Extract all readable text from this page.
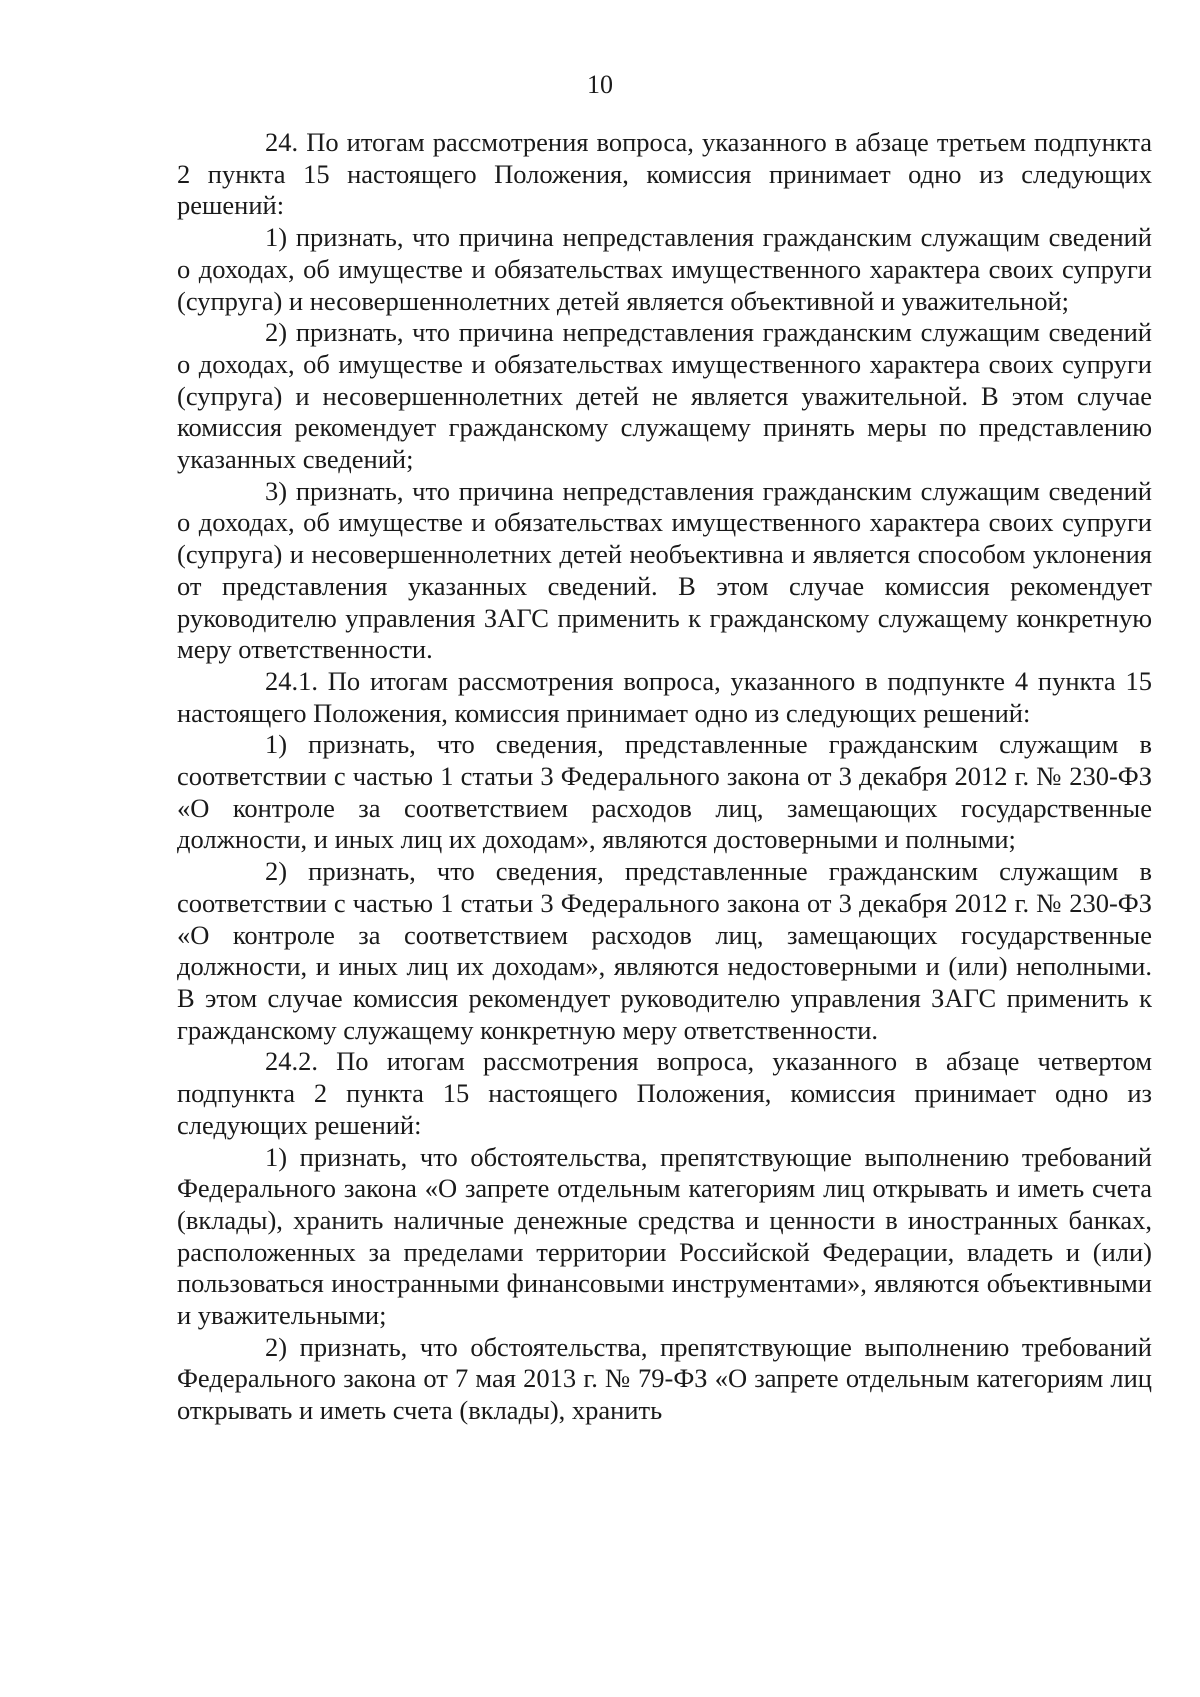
10

24. По итогам рассмотрения вопроса, указанного в абзаце третьем подпункта 2 пункта 15 настоящего Положения, комиссия принимает одно из следующих решений:

1) признать, что причина непредставления гражданским служащим сведений о доходах, об имуществе и обязательствах имущественного характера своих супруги (супруга) и несовершеннолетних детей является объективной и уважительной;

2) признать, что причина непредставления гражданским служащим сведений о доходах, об имуществе и обязательствах имущественного характера своих супруги (супруга) и несовершеннолетних детей не является уважительной. В этом случае комиссия рекомендует гражданскому служащему принять меры по представлению указанных сведений;

3) признать, что причина непредставления гражданским служащим сведений о доходах, об имуществе и обязательствах имущественного характера своих супруги (супруга) и несовершеннолетних детей необъективна и является способом уклонения от представления указанных сведений. В этом случае комиссия рекомендует руководителю управления ЗАГС применить к гражданскому служащему конкретную меру ответственности.

24.1. По итогам рассмотрения вопроса, указанного в подпункте 4 пункта 15 настоящего Положения, комиссия принимает одно из следующих решений:

1) признать, что сведения, представленные гражданским служащим в соответствии с частью 1 статьи 3 Федерального закона от 3 декабря 2012 г. № 230-ФЗ «О контроле за соответствием расходов лиц, замещающих государственные должности, и иных лиц их доходам», являются достоверными и полными;

2) признать, что сведения, представленные гражданским служащим в соответствии с частью 1 статьи 3 Федерального закона от 3 декабря 2012 г. № 230-ФЗ «О контроле за соответствием расходов лиц, замещающих государственные должности, и иных лиц их доходам», являются недостоверными и (или) неполными. В этом случае комиссия рекомендует руководителю управления ЗАГС применить к гражданскому служащему конкретную меру ответственности.

24.2. По итогам рассмотрения вопроса, указанного в абзаце четвертом подпункта 2 пункта 15 настоящего Положения, комиссия принимает одно из следующих решений:

1) признать, что обстоятельства, препятствующие выполнению требований Федерального закона «О запрете отдельным категориям лиц открывать и иметь счета (вклады), хранить наличные денежные средства и ценности в иностранных банках, расположенных за пределами территории Российской Федерации, владеть и (или) пользоваться иностранными финансовыми инструментами», являются объективными и уважительными;

2) признать, что обстоятельства, препятствующие выполнению требований Федерального закона от 7 мая 2013 г. № 79-ФЗ «О запрете отдельным категориям лиц открывать и иметь счета (вклады), хранить
